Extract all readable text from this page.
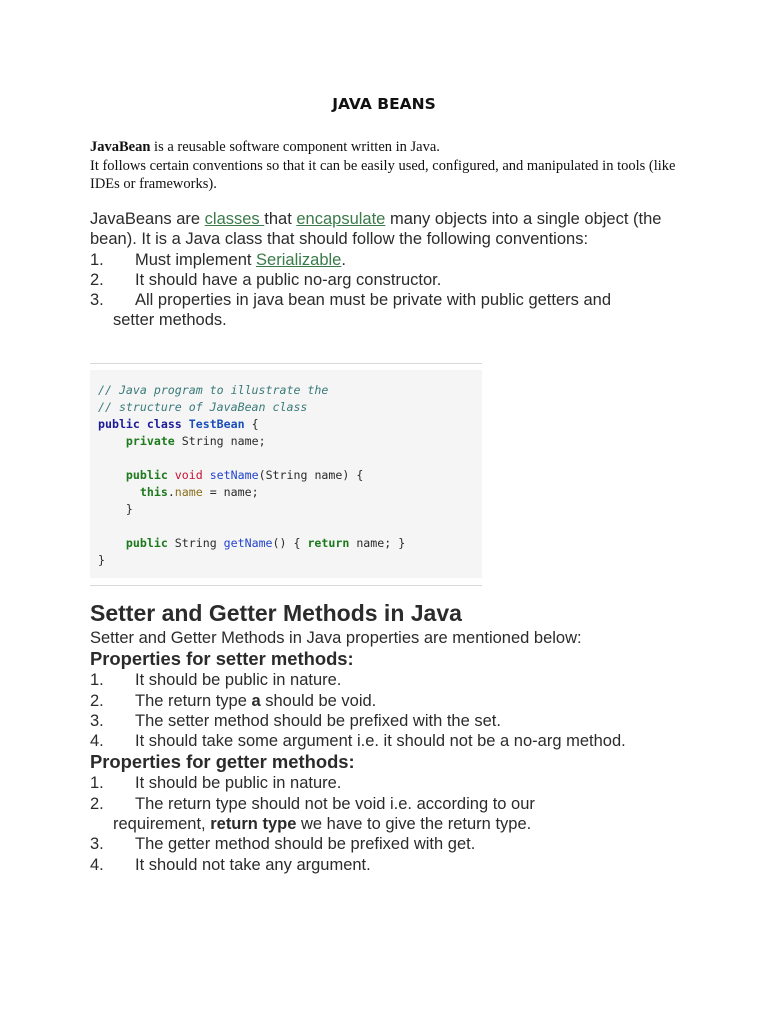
JAVA BEANS

JavaBean is a reusable software component written in Java.

It follows certain conventions so that it can be easily used, configured, and manipulated in tools (like IDEs or frameworks).

JavaBeans are classes that encapsulate many objects into a single object (the bean). It is a Java class that should follow the following conventions:

1. Must implement Serializable.
2. It should have a public no-arg constructor.
3. All properties in java bean must be private with public getters and
setter methods.
// Java program to illustrate the
// structure of JavaBean class
public class TestBean {
private String name;

public void setName(String name) {
this.name = name;
}

public String getName() { return name; }
}
Setter and Getter Methods in Java

Setter and Getter Methods in Java properties are mentioned below:

Properties for setter methods:
1. It should be public in nature.
2. The return type a should be void.
3. The setter method should be prefixed with the set.
4. It should take some argument i.e. it should not be a no-arg method.
Properties for getter methods:
1. It should be public in nature.
2. The return type should not be void i.e. according to our
requirement, return type we have to give the return type.
3. The getter method should be prefixed with get.
4. It should not take any argument.
